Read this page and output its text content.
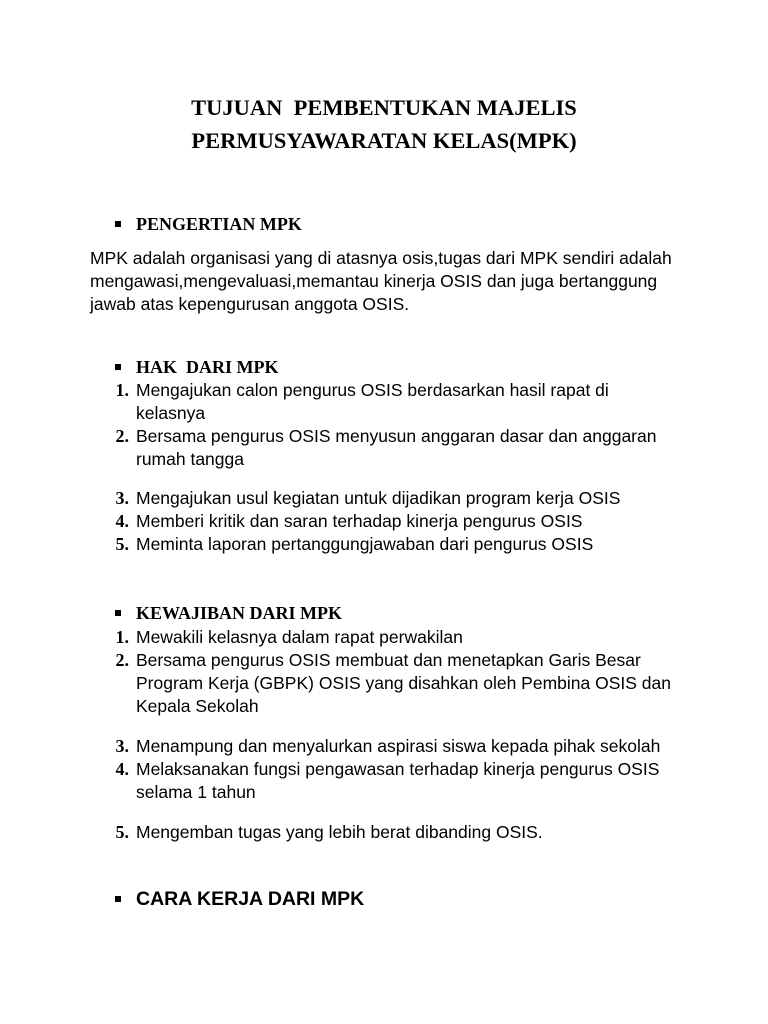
TUJUAN  PEMBENTUKAN MAJELIS
PERMUSYAWARATAN KELAS(MPK)
PENGERTIAN MPK
MPK adalah organisasi yang di atasnya osis,tugas dari MPK sendiri adalah
mengawasi,mengevaluasi,memantau kinerja OSIS dan juga bertanggung
jawab atas kepengurusan anggota OSIS.
HAK  DARI MPK
1. Mengajukan calon pengurus OSIS berdasarkan hasil rapat di
kelasnya
2. Bersama pengurus OSIS menyusun anggaran dasar dan anggaran
rumah tangga
3. Mengajukan usul kegiatan untuk dijadikan program kerja OSIS
4. Memberi kritik dan saran terhadap kinerja pengurus OSIS
5. Meminta laporan pertanggungjawaban dari pengurus OSIS
KEWAJIBAN DARI MPK
1. Mewakili kelasnya dalam rapat perwakilan
2. Bersama pengurus OSIS membuat dan menetapkan Garis Besar
Program Kerja (GBPK) OSIS yang disahkan oleh Pembina OSIS dan
Kepala Sekolah
3. Menampung dan menyalurkan aspirasi siswa kepada pihak sekolah
4. Melaksanakan fungsi pengawasan terhadap kinerja pengurus OSIS
selama 1 tahun
5. Mengemban tugas yang lebih berat dibanding OSIS.
CARA KERJA DARI MPK
